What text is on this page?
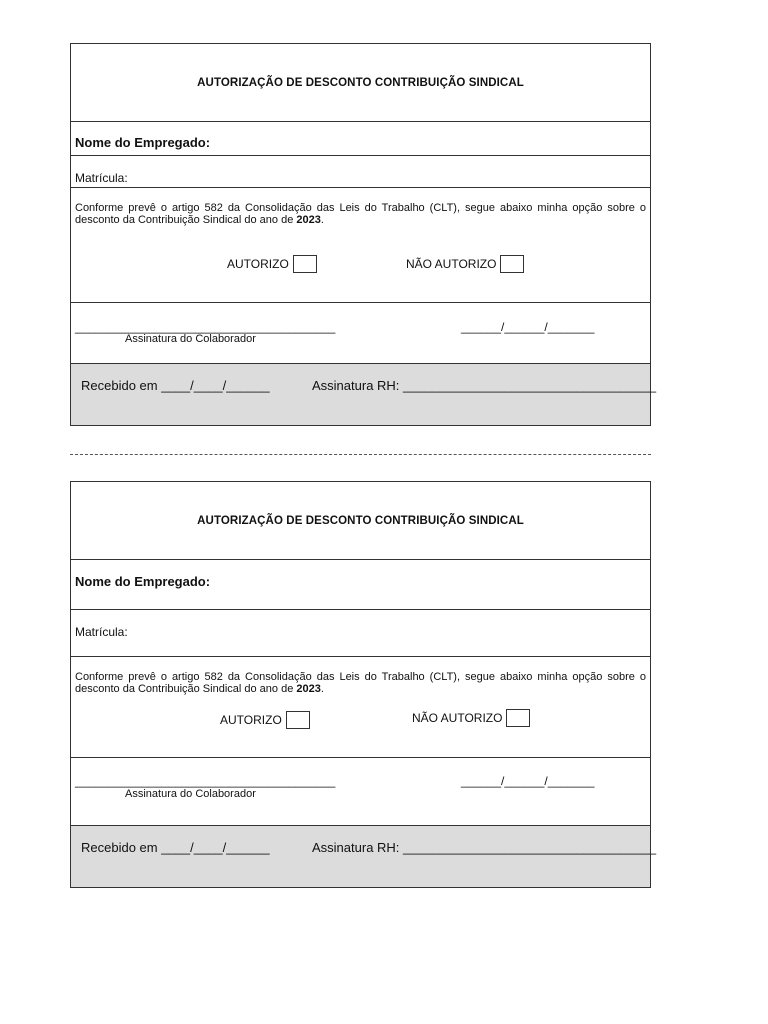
AUTORIZAÇÃO DE DESCONTO CONTRIBUIÇÃO SINDICAL
Nome do Empregado:
Matrícula:
Conforme prevê o artigo 582 da Consolidação das Leis do Trabalho (CLT), segue abaixo minha opção sobre o desconto da Contribuição Sindical do ano de 2023.
AUTORIZO	NÃO AUTORIZO
_______________________________________
Assinatura do Colaborador
______/______/_______
Recebido em ____/____/______	Assinatura RH: ___________________________________
AUTORIZAÇÃO DE DESCONTO CONTRIBUIÇÃO SINDICAL
Nome do Empregado:
Matrícula:
Conforme prevê o artigo 582 da Consolidação das Leis do Trabalho (CLT), segue abaixo minha opção sobre o desconto da Contribuição Sindical do ano de 2023.
AUTORIZO	NÃO AUTORIZO
_______________________________________
Assinatura do Colaborador
______/______/_______
Recebido em ____/____/______	Assinatura RH: ___________________________________
